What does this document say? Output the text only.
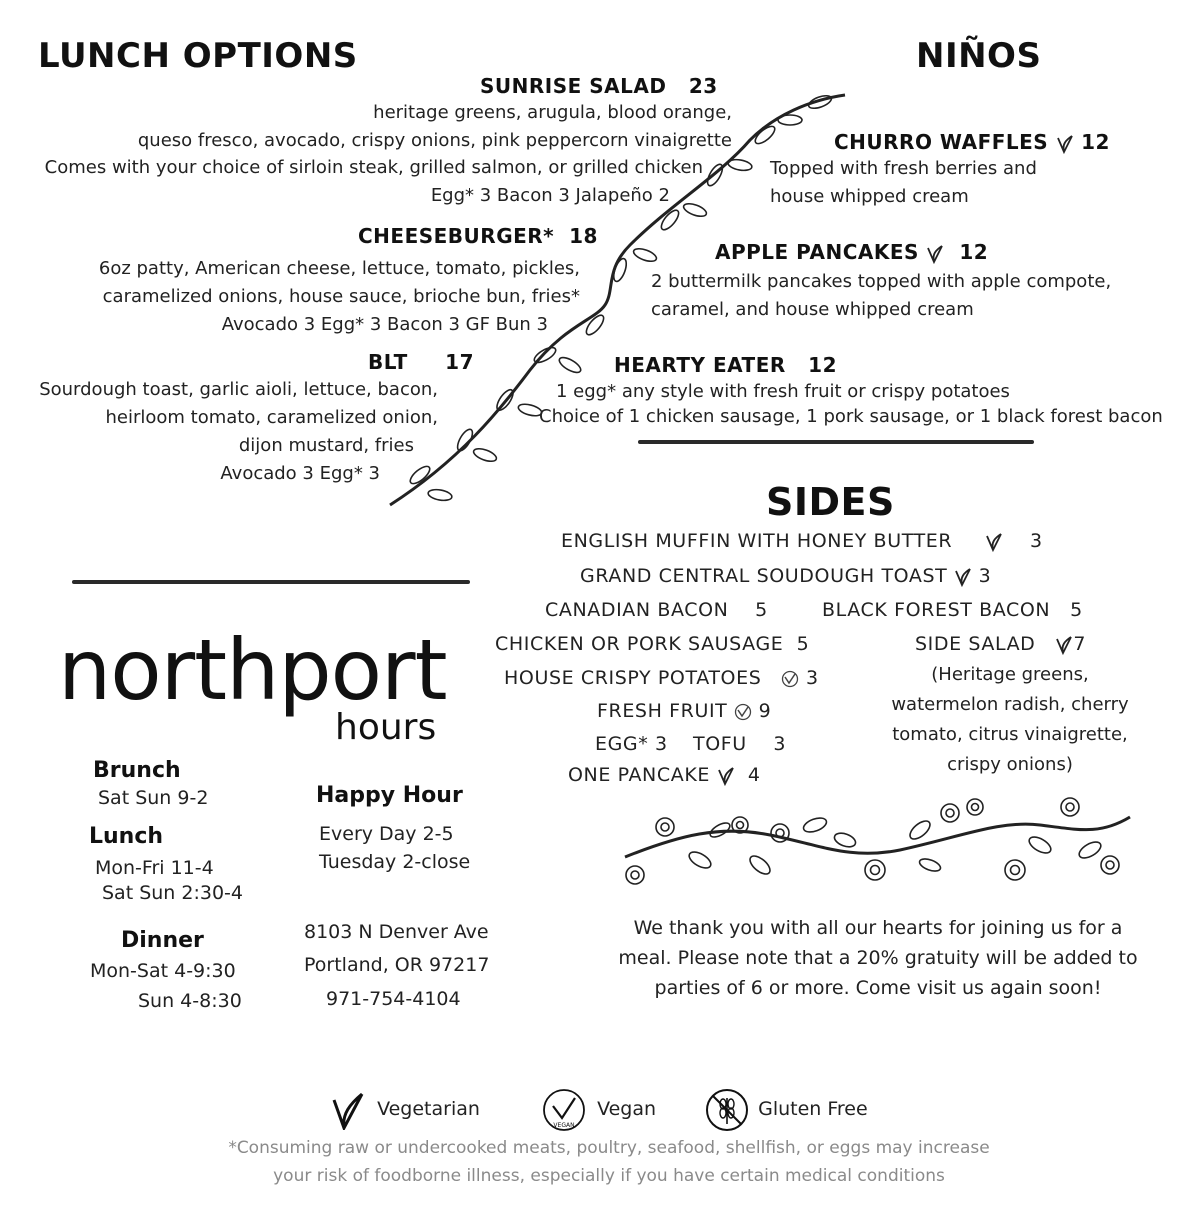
LUNCH OPTIONS
SUNRISE SALAD 23
heritage greens, arugula, blood orange,
queso fresco, avocado, crispy onions, pink peppercorn vinaigrette
Comes with your choice of sirloin steak, grilled salmon, or grilled chicken
Egg* 3 Bacon 3 Jalapeño 2
CHEESEBURGER* 18
6oz patty, American cheese, lettuce, tomato, pickles,
caramelized onions, house sauce, brioche bun, fries*
Avocado 3 Egg* 3 Bacon 3 GF Bun 3
BLT 17
Sourdough toast, garlic aioli, lettuce, bacon,
heirloom tomato, caramelized onion,
dijon mustard, fries
Avocado 3 Egg* 3
NIÑOS
CHURRO WAFFLES 12
Topped with fresh berries and
house whipped cream
APPLE PANCAKES 12
2 buttermilk pancakes topped with apple compote,
caramel, and house whipped cream
HEARTY EATER 12
1 egg* any style with fresh fruit or crispy potatoes
Choice of 1 chicken sausage, 1 pork sausage, or 1 black forest bacon
SIDES
ENGLISH MUFFIN WITH HONEY BUTTER	3
GRAND CENTRAL SOUDOUGH TOAST 3
CANADIAN BACON 5	BLACK FOREST BACON 5
CHICKEN OR PORK SAUSAGE 5	SIDE SALAD 7
(Heritage greens,
watermelon radish, cherry
tomato, citrus vinaigrette,
crispy onions)
HOUSE CRISPY POTATOES 3
FRESH FRUIT 9
EGG* 3 TOFU 3
ONE PANCAKE 4
We thank you with all our hearts for joining us for a
meal. Please note that a 20% gratuity will be added to
parties of 6 or more. Come visit us again soon!
northport
hours
Brunch
Sat Sun 9-2
Lunch
Mon-Fri 11-4
Sat Sun 2:30-4
Dinner
Mon-Sat 4-9:30
Sun 4-8:30
Happy Hour
Every Day 2-5
Tuesday 2-close
8103 N Denver Ave
Portland, OR 97217
971-754-4104
Vegetarian
VEGAN
Vegan	Gluten Free
*Consuming raw or undercooked meats, poultry, seafood, shellfish, or eggs may increase
your risk of foodborne illness, especially if you have certain medical conditions
